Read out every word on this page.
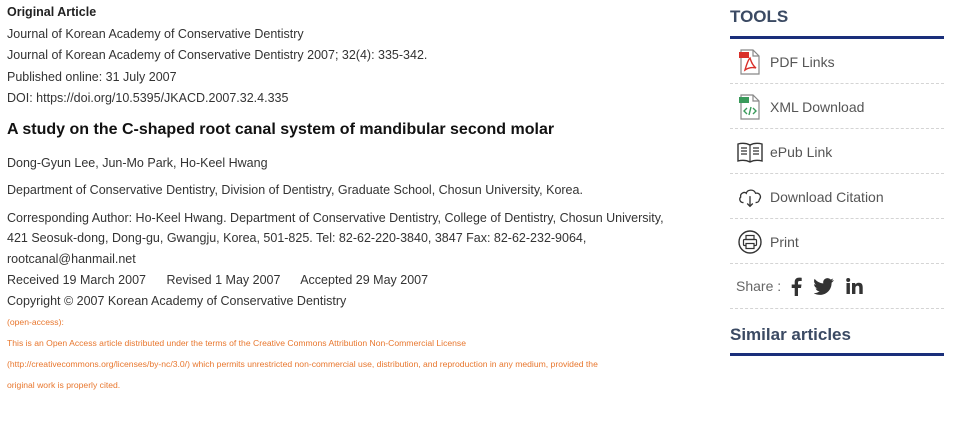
Original Article
Journal of Korean Academy of Conservative Dentistry
Journal of Korean Academy of Conservative Dentistry 2007; 32(4): 335-342.
Published online: 31 July 2007
DOI: https://doi.org/10.5395/JKACD.2007.32.4.335
A study on the C-shaped root canal system of mandibular second molar
Dong-Gyun Lee, Jun-Mo Park, Ho-Keel Hwang
Department of Conservative Dentistry, Division of Dentistry, Graduate School, Chosun University, Korea.
Corresponding Author: Ho-Keel Hwang. Department of Conservative Dentistry, College of Dentistry, Chosun University,
421 Seosuk-dong, Dong-gu, Gwangju, Korea, 501-825. Tel: 82-62-220-3840, 3847 Fax: 82-62-232-9064,
rootcanal@hanmail.net
Received 19 March 2007 Revised 1 May 2007 Accepted 29 May 2007
Copyright © 2007 Korean Academy of Conservative Dentistry
(open-access):
This is an Open Access article distributed under the terms of the Creative Commons Attribution Non-Commercial License
(http://creativecommons.org/licenses/by-nc/3.0/) which permits unrestricted non-commercial use, distribution, and reproduction in any medium, provided the
original work is properly cited.
TOOLS
PDF Links
XML Download
ePub Link
Download Citation
Print
Share :
Similar articles
